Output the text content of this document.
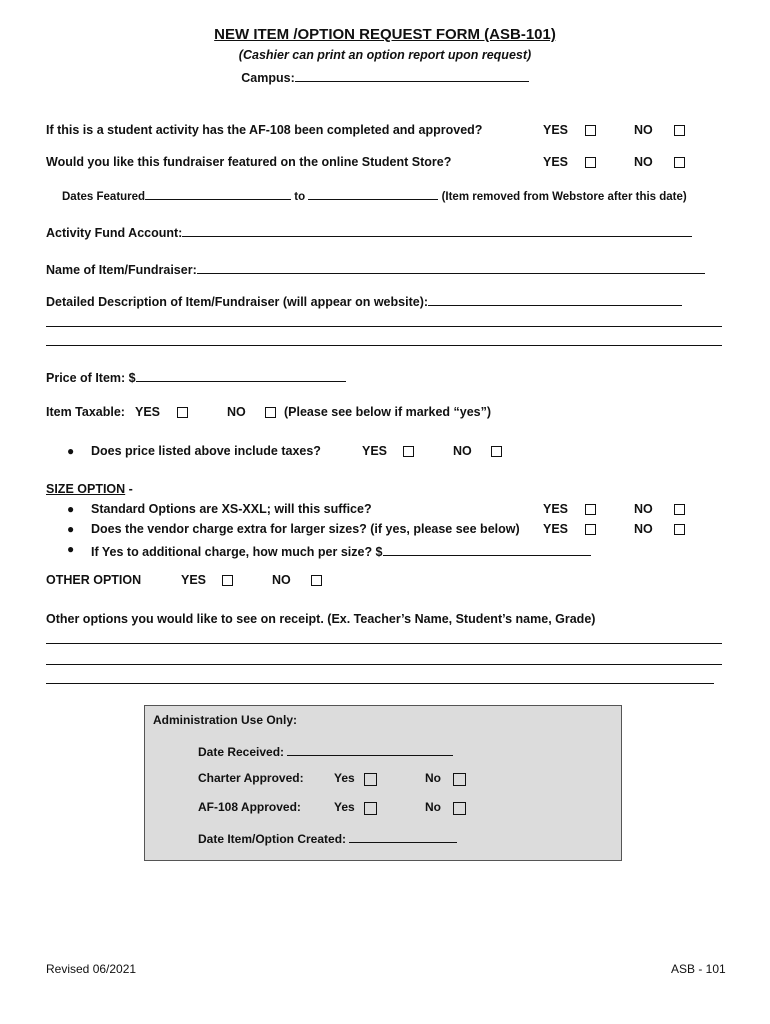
NEW ITEM /OPTION REQUEST FORM (ASB-101)
(Cashier can print an option report upon request)
Campus:
If this is a student activity has the AF-108 been completed and approved?	YES	NO
Would you like this fundraiser featured on the online Student Store?	YES	NO
Dates Featured	to	(Item removed from Webstore after this date)
Activity Fund Account:
Name of Item/Fundraiser:
Detailed Description of Item/Fundraiser (will appear on website):
Price of Item: $
Item Taxable: YES	NO	(Please see below if marked “yes”)
● Does price listed above include taxes?	YES	NO
SIZE OPTION -
● Standard Options are XS-XXL; will this suffice?	YES	NO
● Does the vendor charge extra for larger sizes? (if yes, please see below) YES	NO
● If Yes to additional charge, how much per size? $
OTHER OPTION	YES	NO
Other options you would like to see on receipt. (Ex. Teacher’s Name, Student’s name, Grade)
Administration Use Only:
Date Received:
Charter Approved:	Yes	No
AF-108 Approved:	Yes	No
Date Item/Option Created:
Revised 06/2021	ASB - 101
